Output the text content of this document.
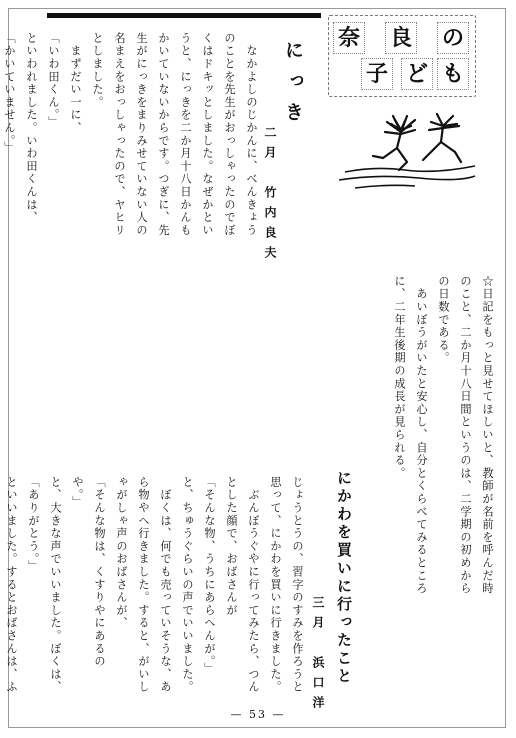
奈 良 の
子 ど も
にっき
二月　竹内良夫
　なかよしのじかんに、べんきょうのことを先生がおっしゃったのでぼくはドキッとしました。なぜかというと、にっきを二か月十八日かんもかいていないからです。つぎに、先生がにっきをまりみせていない人の名まえをおっしゃったので、ヤヒリとしました。
　まずだい一に、
「いわ田くん。」
といわれました。いわ田くんは、
「かいていません。」

☆日記をもっと見せてほしいと、教師が名前を呼んだ時のこと、二か月十八日間というのは、二学期の初めからの日数である。
　あいぼうがいたと安心し、自分とくらべてみるところに、二年生後期の成長が見られる。
にかわを買いに行ったこと
三月　浜口洋
じょうとうの、習字のすみを作ろうと思って、にかわを買いに行きました。
　ぶんぼうぐやに行ってみたら、つんとした顔で、おばさんが
「そんな物、うちにあらへんが。」
と、ちゅうぐらいの声でいいました。
　ぼくは、何でも売っていそうな、あら物やへ行きました。すると、がいしゃがしゃ声のおばさんが、
「そんな物は、くすりやにあるのや。」
と、大きな声でいいました。ぼくは、
「ありがとう。」
といいました。するとおばさんは、ふ
— 53 —
